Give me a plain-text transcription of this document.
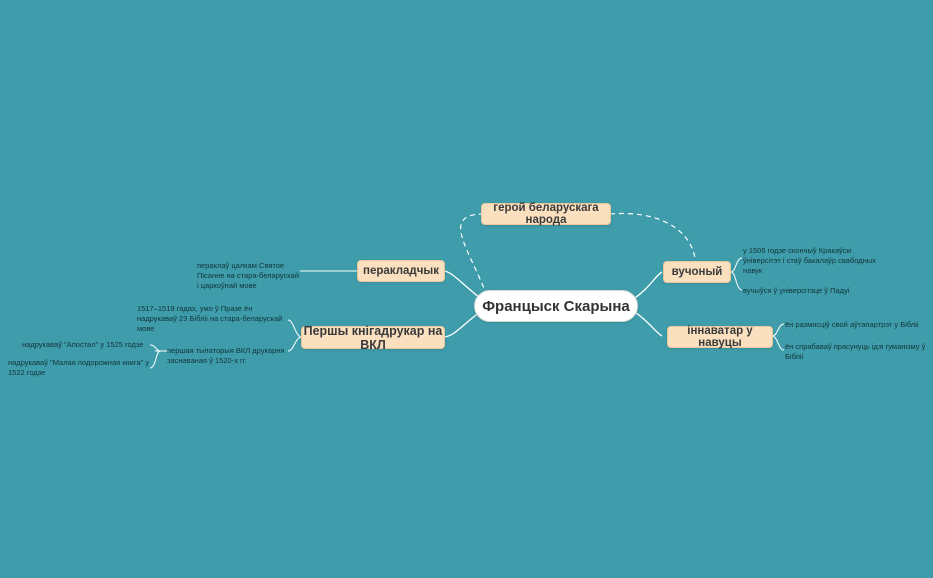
Францыск Скарына
герой беларускага народа
перакладчык
пераклаў цалкам Святое Пісанне на стара-беларускай і царкоўнай мове
Першы кнігадрукар на ВКЛ
1517–1519 гадах, ужо ў Празе ён надрукаваў 23 Бібліі на стара-беларускай мове
надрукаваў "Апостал" у 1525 годзе
першая тыпаторыя ВКЛ друкарня заснаваная ў 1520-х гг.
надрукаваў "Малая подорожная книга" у 1522 годзе
вучоный
у 1506 годзе скончыў Кракаўскі ўніверсітэт і стаў бакалаўр свабодных навук
вучыўся ў універсітэце ў Падуі
іннаватар у навуцы
ён размясціў свой аўтапартрэт у Бібліі
ён спрабаваў прасунуць ідэі гуманізму ў Бібліі
